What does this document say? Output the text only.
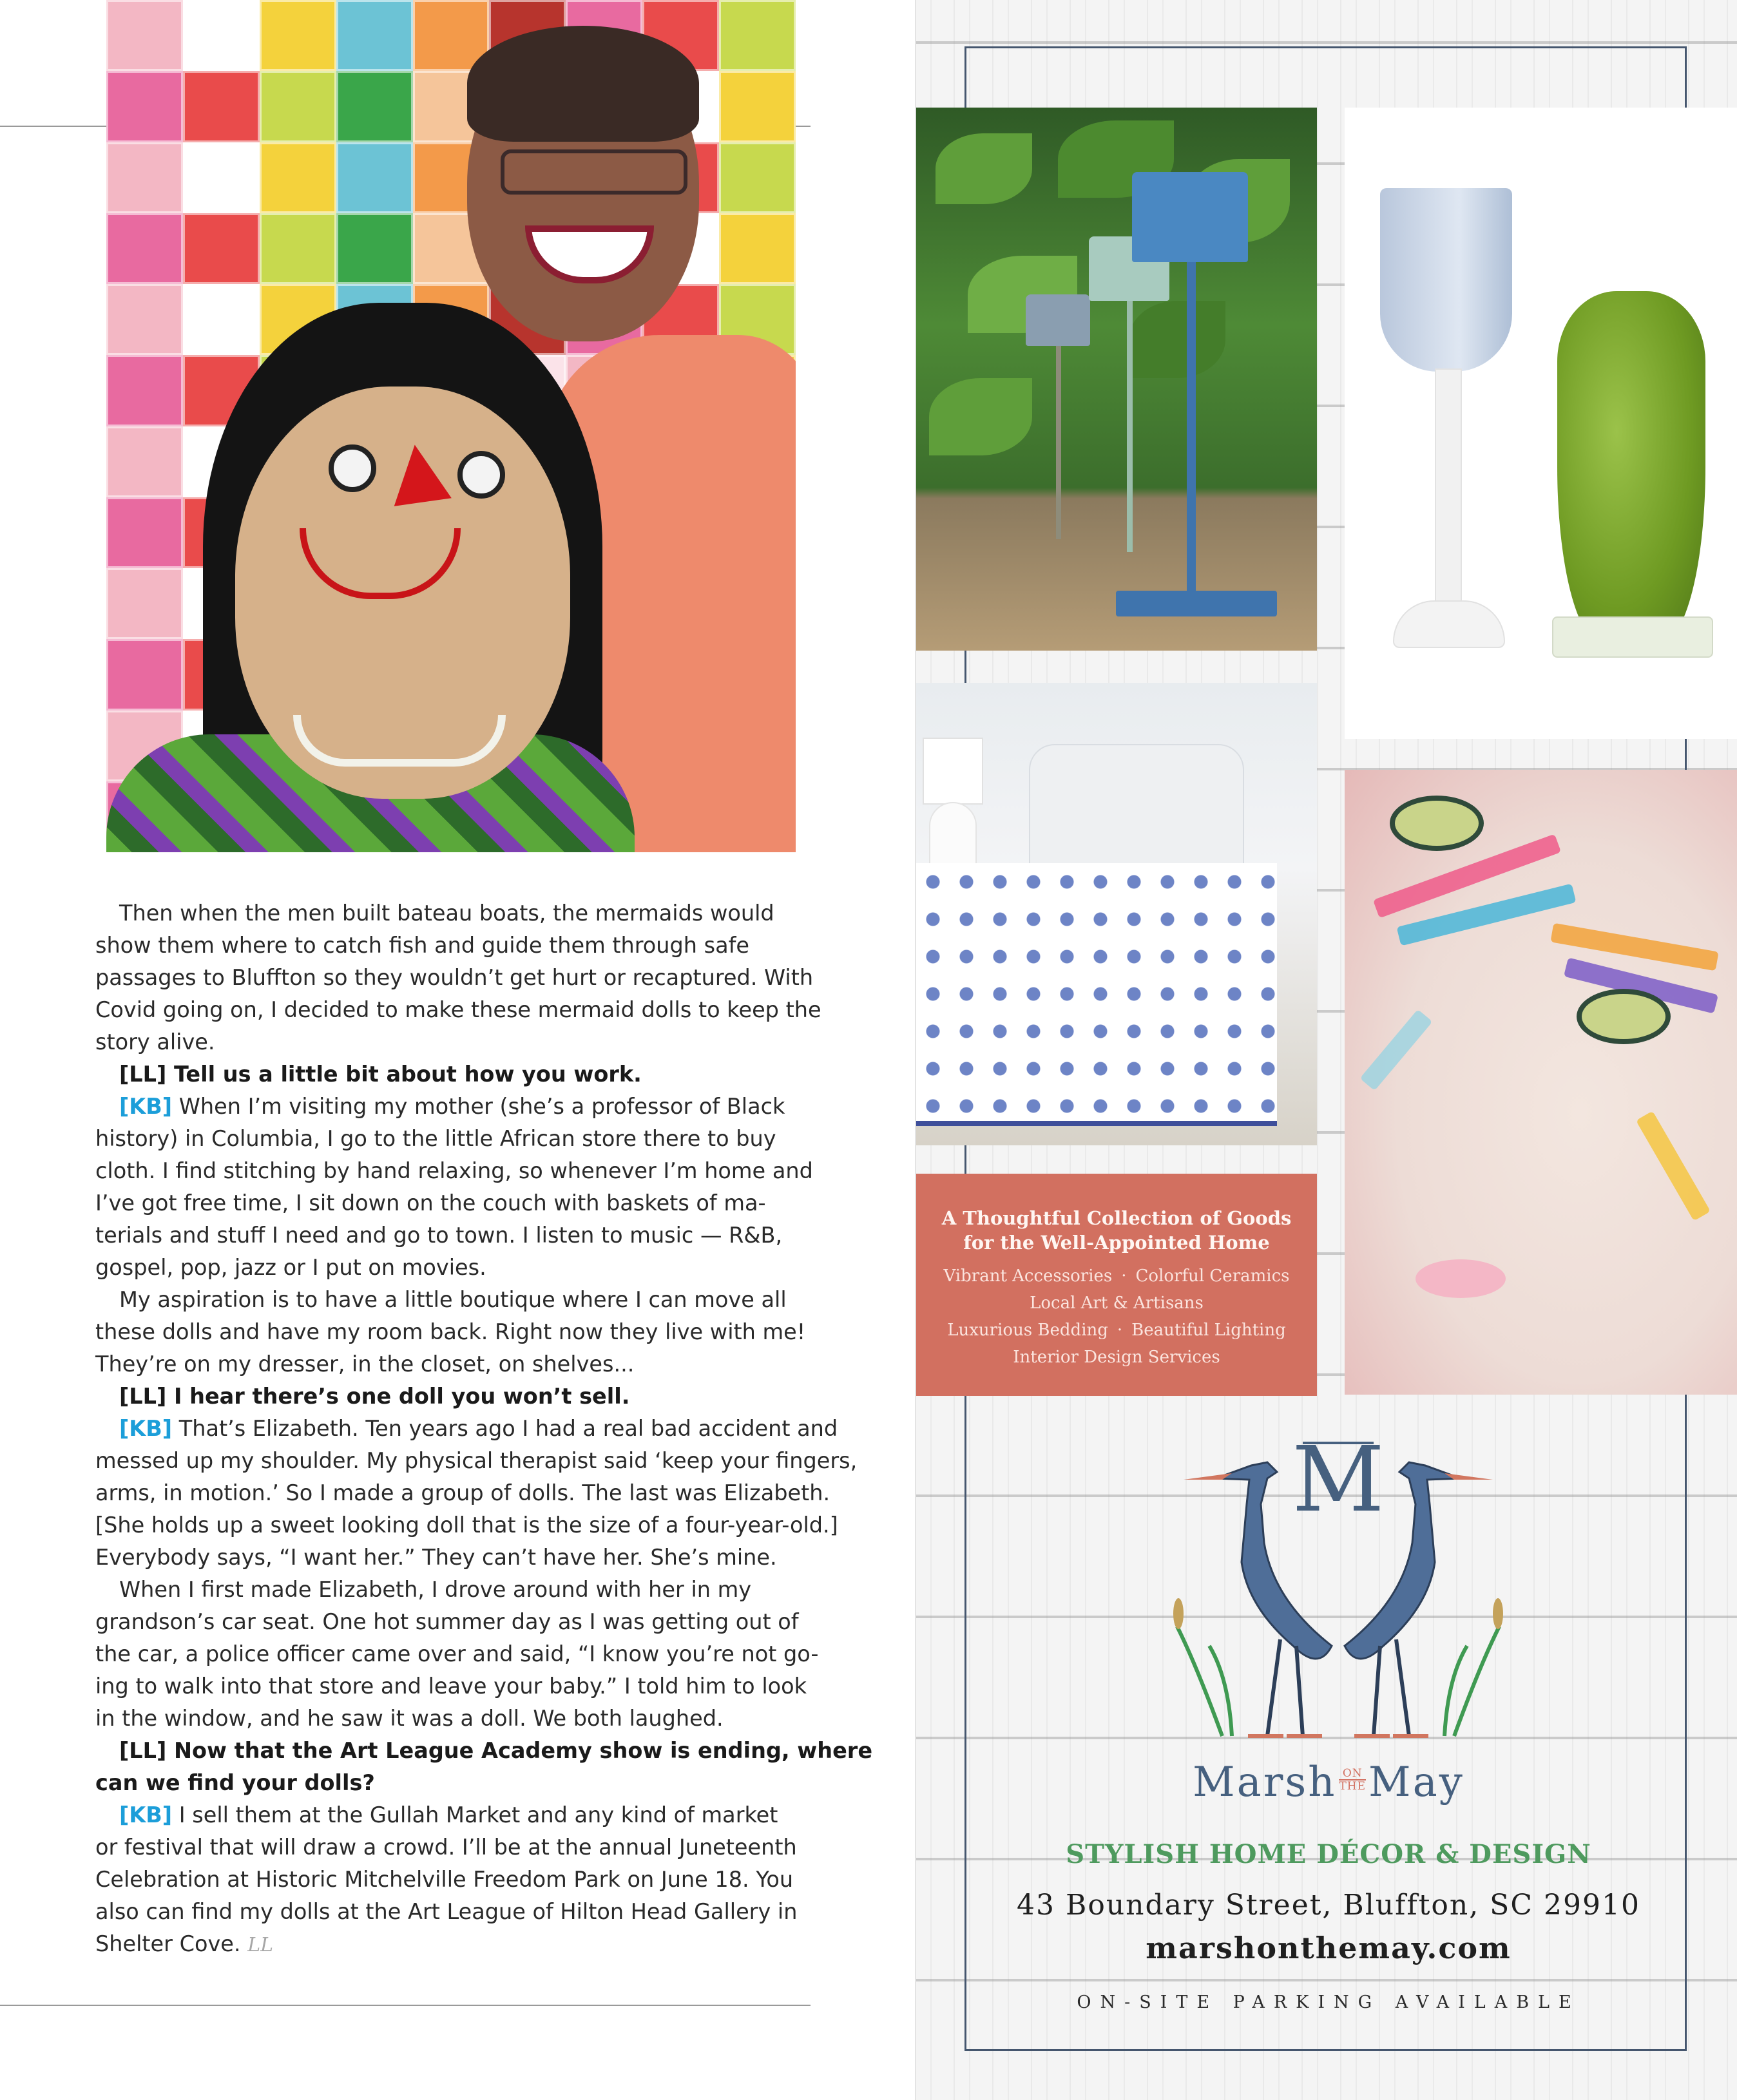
Then when the men built bateau boats, the mermaids would

show them where to catch fish and guide them through safe

passages to Bluffton so they wouldn’t get hurt or recaptured. With

Covid going on, I decided to make these mermaid dolls to keep the

story alive.

[LL] Tell us a little bit about how you work.

[KB] When I’m visiting my mother (she’s a professor of Black

history) in Columbia, I go to the little African store there to buy

cloth. I find stitching by hand relaxing, so whenever I’m home and

I’ve got free time, I sit down on the couch with baskets of ma-

terials and stuff I need and go to town. I listen to music — R&B,

gospel, pop, jazz or I put on movies.

My aspiration is to have a little boutique where I can move all

these dolls and have my room back. Right now they live with me!

They’re on my dresser, in the closet, on shelves...

[LL] I hear there’s one doll you won’t sell.

[KB] That’s Elizabeth. Ten years ago I had a real bad accident and

messed up my shoulder. My physical therapist said ‘keep your fingers,

arms, in motion.’ So I made a group of dolls. The last was Elizabeth.

[She holds up a sweet looking doll that is the size of a four-year-old.]

Everybody says, “I want her.” They can’t have her. She’s mine.

When I first made Elizabeth, I drove around with her in my

grandson’s car seat. One hot summer day as I was getting out of

the car, a police officer came over and said, “I know you’re not go-

ing to walk into that store and leave your baby.” I told him to look

in the window, and he saw it was a doll. We both laughed.

[LL] Now that the Art League Academy show is ending, where

can we find your dolls?

[KB] I sell them at the Gullah Market and any kind of market

or festival that will draw a crowd. I’ll be at the annual Juneteenth

Celebration at Historic Mitchelville Freedom Park on June 18. You

also can find my dolls at the Art League of Hilton Head Gallery in

Shelter Cove. LL

A Thoughtful Collection of Goods
for the Well-Appointed Home
Vibrant Accessories · Colorful Ceramics
Local Art & Artisans
Luxurious Bedding · Beautiful Lighting
Interior Design Services
M
Marsh ON
THE May
STYLISH HOME DÉCOR & DESIGN
43 Boundary Street, Bluffton, SC 29910
marshonthemay.com
ON-SITE PARKING AVAILABLE
